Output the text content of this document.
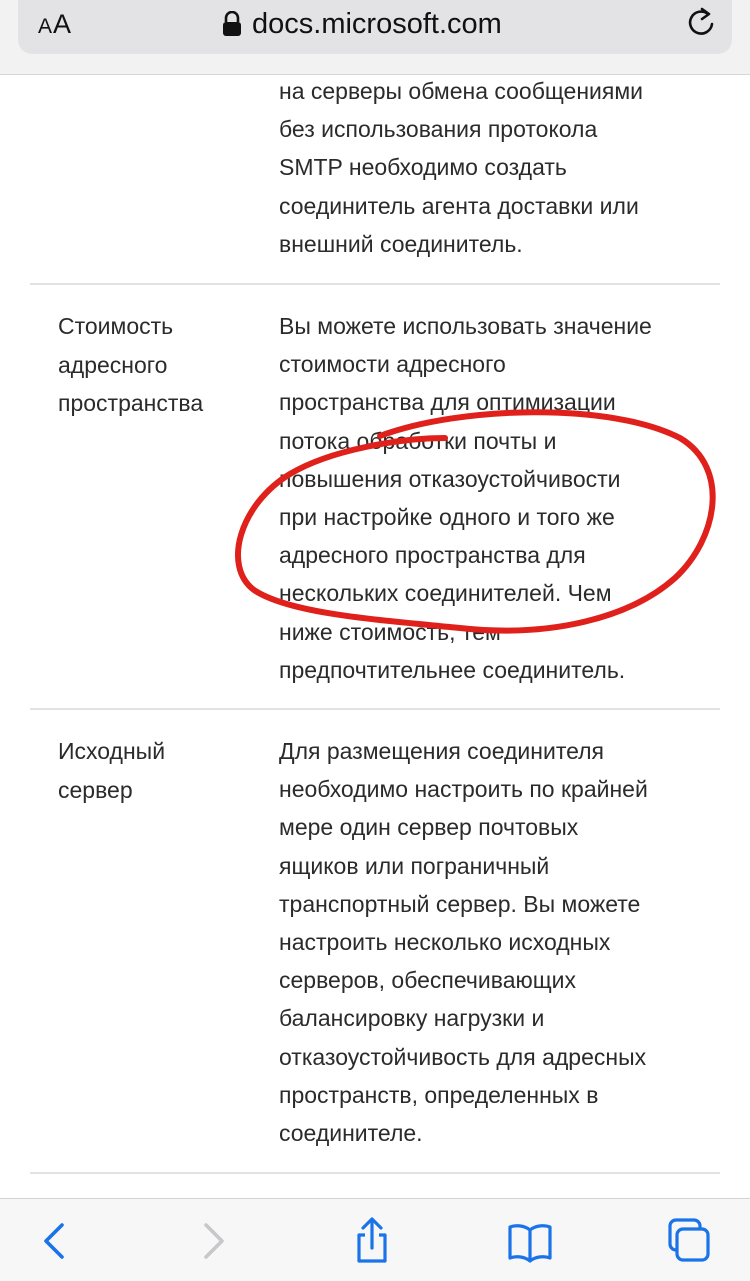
AA	docs.microsoft.com
на серверы обмена сообщениями
без использования протокола
SMTP необходимо создать
соединитель агента доставки или
внешний соединитель.
Стоимость
адресного
пространства
Вы можете использовать значение
стоимости адресного
пространства для оптимизации
потока обработки почты и
повышения отказоустойчивости
при настройке одного и того же
адресного пространства для
нескольких соединителей. Чем
ниже стоимость, тем
предпочтительнее соединитель.
Исходный
сервер
Для размещения соединителя
необходимо настроить по крайней
мере один сервер почтовых
ящиков или пограничный
транспортный сервер. Вы можете
настроить несколько исходных
серверов, обеспечивающих
балансировку нагрузки и
отказоустойчивость для адресных
пространств, определенных в
соединителе.
